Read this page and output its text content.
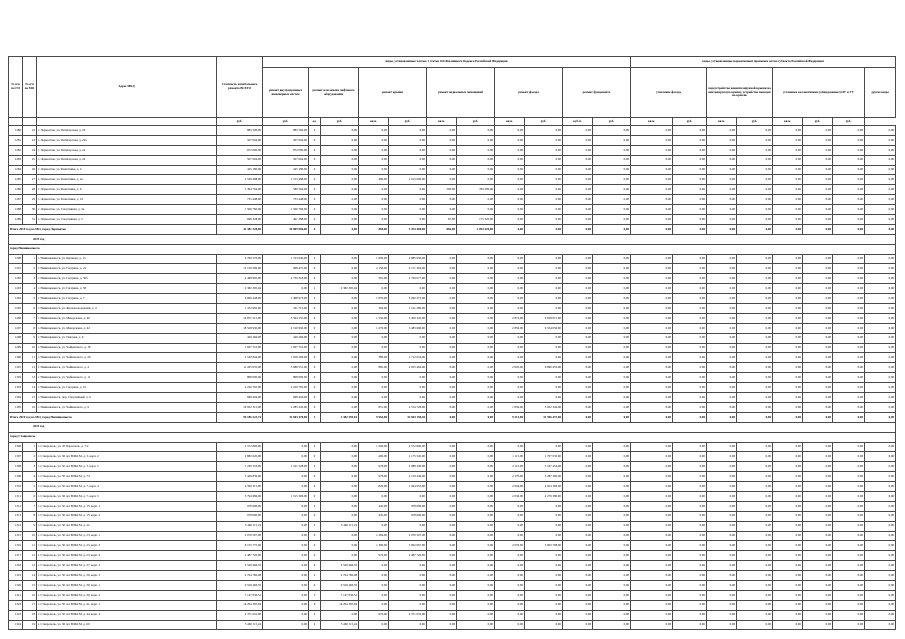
№ п/п по ГП	№ п/п по МО	Адрес МКД	Стоимость капитального ремонта ВСЕГО	виды, установленные частью 1 статьи 166 Жилищного Кодекса Российской Федерации											виды, установленные нормативным правовым актом субъекта Российской Федерации							
				ремонт внутридомовых инженерных систем	ремонт или замена лифтового оборудования		ремонт крыши		ремонт подвальных помещений		ремонт фасада		ремонт фундамента		утепление фасада		переустройство невентилируемой крыши на вентилируемую крышу, устройство выходов на кровлю		установка коллективных (общедомовых) ПУ и УУ			другие виды
			руб.	руб.	ед.	руб.	кв.м.	руб.	кв.м.	руб.	кв.м.	руб.	куб.м.	руб.	кв.м.	руб.	кв.м.	руб.	кв.м.	руб.	руб.	
1280	22	г. Лермонтов, ул. Пятигорская, д. 20	885 500,00	885 500,00	0	0,00	0,00	0,00	0,00	0,00	0,00	0,00	0,00	0,00	0,00	0,00	0,00	0,00	0,00	0,00	0,00	0,00
1281	23	г. Лермонтов, ул. Пятигорская, д. 20а	507 004,00	507 004,00	0	0,00	0,00	0,00	0,00	0,00	0,00	0,00	0,00	0,00	0,00	0,00	0,00	0,00	0,00	0,00	0,00	0,00
1282	24	г. Лермонтов, ул. Пятигорская, д. 22	872 000,00	872 000,00	0	0,00	0,00	0,00	0,00	0,00	0,00	0,00	0,00	0,00	0,00	0,00	0,00	0,00	0,00	0,00	0,00	0,00
1283	25	г. Лермонтов, ул. Пятигорская, д. 24	507 004,00	507 004,00	0	0,00	0,00	0,00	0,00	0,00	0,00	0,00	0,00	0,00	0,00	0,00	0,00	0,00	0,00	0,00	0,00	0,00
1284	26	г. Лермонтов, ул. Решетника, д. 4	425 180,00	425 180,00	0	0,00	0,00	0,00	0,00	0,00	0,00	0,00	0,00	0,00	0,00	0,00	0,00	0,00	0,00	0,00	0,00	0,00
1285	27	г. Лермонтов, ул. Решетника, д. 4а	2 528 488,00	1 513 488,00	0	0,00	400,00	1 015 000,00	0,00	0,00	0,00	0,00	0,00	0,00	0,00	0,00	0,00	0,00	0,00	0,00	0,00	0,00
1286	28	г. Лермонтов, ул. Решетника, д. 6	1 364 704,00	580 504,00	0	0,00	0,00	0,00	500,00	784 200,00	0,00	0,00	0,00	0,00	0,00	0,00	0,00	0,00	0,00	0,00	0,00	0,00
1287	29	г. Лермонтов, ул. Решетника, д. 10	733 448,00	733 448,00	0	0,00	0,00	0,00	0,00	0,00	0,00	0,00	0,00	0,00	0,00	0,00	0,00	0,00	0,00	0,00	0,00	0,00
1288	30	г. Лермонтов, ул. Спортивная, д. 3а	1 506 760,00	1 506 760,00	0	0,00	0,00	0,00	0,00	0,00	0,00	0,00	0,00	0,00	0,00	0,00	0,00	0,00	0,00	0,00	0,00	0,00
1289	31	г. Лермонтов, ул. Спортивная, д. 5	668 328,00	491 388,00	0	0,00	0,00	0,00	87,00	175 320,00	0,00	0,00	0,00	0,00	0,00	0,00	0,00	0,00	0,00	0,00	0,00	0,00
Итого 2019 год по МО, город Лермонтов			42 381 328,00	36 809 906,00	0	0,00	860,00	3 474 400,00	882,00	2 094 420,00	0,00	0,00	0,00	0,00	0,00	0,00	0,00	0,00	0,00	0,00	0,00	0,00
2019 год																						
город Невинномысск																						
1290	1	г. Невинномысск, ул. Бершова, д. 15	4 709 570,00	1 723 640,00	0	0,00	1 000,00	2 985 930,00	0,00	0,00	0,00	0,00	0,00	0,00	0,00	0,00	0,00	0,00	0,00	0,00	0,00	0,00
1291	2	г. Невинномысск, ул. Гагарина, д. 22	13 139 399,00	968 475,00	0	0,00	2 150,00	2 171 394,00	0,00	0,00	0,00	0,00	0,00	0,00	0,00	0,00	0,00	0,00	0,00	0,00	0,00	0,00
1292	3	г. Невинномысск, ул. Гагарина, д. 56б	4 468 995,00	2 739 318,00	0	0,00	581,00	1 729 677,00	0,00	0,00	0,00	0,00	0,00	0,00	0,00	0,00	0,00	0,00	0,00	0,00	0,00	0,00
1293	4	г. Невинномысск, ул. Гагарина, д. 58	2 382 395,04	0,00	1	2 382 395,04	0,00	0,00	0,00	0,00	0,00	0,00	0,00	0,00	0,00	0,00	0,00	0,00	0,00	0,00	0,00	0,00
1294	5	г. Невинномысск, ул. Гагарина, д. 7	6 699 248,00	1 498 973,00	0	0,00	1 870,00	5 200 275,00	0,00	0,00	0,00	0,00	0,00	0,00	0,00	0,00	0,00	0,00	0,00	0,00	0,00	0,00
1295	6	г. Невинномысск, ул. Железнодорожная, д. 4	1 472 995,00	331 715,00	0	0,00	392,00	1 141 280,00	0,00	0,00	0,00	0,00	0,00	0,00	0,00	0,00	0,00	0,00	0,00	0,00	0,00	0,00
1296	7	г. Невинномысск, ул. Менделеева, д. 40	16 871 515,00	3 594 155,00	0	0,00	1 250,00	3 459 345,00	0,00	0,00	2 872,00	9 818 015,00	0,00	0,00	0,00	0,00	0,00	0,00	0,00	0,00	0,00	0,00
1297	8	г. Невинномысск, ул. Менделеева, д. 42	18 528 930,00	4 510 950,00	0	0,00	1 270,00	3 483 690,00	0,00	0,00	2 850,00	9 534 050,00	0,00	0,00	0,00	0,00	0,00	0,00	0,00	0,00	0,00	0,00
1298	9	г. Невинномысск, ул. Павлова, д. 6	429 266,00	429 266,00	0	0,00	0,00	0,00	0,00	0,00	0,00	0,00	0,00	0,00	0,00	0,00	0,00	0,00	0,00	0,00	0,00	0,00
1299	10	г. Невинномысск, ул. Чайковского, д. 18	1 827 710,00	1 827 710,00	0	0,00	0,00	0,00	0,00	0,00	0,00	0,00	0,00	0,00	0,00	0,00	0,00	0,00	0,00	0,00	0,00	0,00
1300	11	г. Невинномысск, ул. Чайковского, д. 20	2 530 844,00	1 818 206,00	0	0,00	380,00	1 712 634,00	0,00	0,00	0,00	0,00	0,00	0,00	0,00	0,00	0,00	0,00	0,00	0,00	0,00	0,00
1301	12	г. Невинномысск, ул. Чайковского, д. 4	11 205 055,00	3 088 551,00	0	0,00	885,00	2 655 464,00	0,00	0,00	2 005,00	6 890 455,00	0,00	0,00	0,00	0,00	0,00	0,00	0,00	0,00	0,00	0,00
1302	13	г. Невинномысск, ул. Чайковского, д. 11	808 000,00	808 000,00	0	0,00	0,00	0,00	0,00	0,00	0,00	0,00	0,00	0,00	0,00	0,00	0,00	0,00	0,00	0,00	0,00	0,00
1303	14	г. Невинномысск, ул. Гагарина, д. 10	2 220 765,00	2 220 765,00	0	0,00	0,00	0,00	0,00	0,00	0,00	0,00	0,00	0,00	0,00	0,00	0,00	0,00	0,00	0,00	0,00	0,00
1304	15	г. Невинномысск, пер. Спортивный, д. 9	668 404,00	668 404,00	0	0,00	0,00	0,00	0,00	0,00	0,00	0,00	0,00	0,00	0,00	0,00	0,00	0,00	0,00	0,00	0,00	0,00
1305	16	г. Невинномысск, ул. Чайковского, д. 9	10 952 315,00	2 285 245,00	0	0,00	851,00	2 514 728,00	0,00	0,00	1 856,00	5 952 342,00	0,00	0,00	0,00	0,00	0,00	0,00	0,00	0,00	0,00	0,00
Итого 2019 год по МО, город Невинномысск			99 186 223,74	32 603 478,00	1	2 382 395,04	9 964,00	32 604 158,30	0,00	0,00	9 213,00	31 596 437,00	0,00	0,00	0,00	0,00	0,00	0,00	0,00	0,00	0,00	0,00
2019 год																						
город Ставрополь																						
1306	1	г. Ставрополь, ул. 45 Параллель, д. 7/2	2 572 800,00	0,00	0	0,00	1 200,00	2 572 800,00	0,00	0,00	0,00	0,00	0,00	0,00	0,00	0,00	0,00	0,00	0,00	0,00	0,00	0,00
1307	2	г. Ставрополь, ул. 50 лет ВЛКСМ, д. 3, корп. 2	2 882 620,00	0,00	0	0,00	400,00	1 175 545,00	0,00	0,00	1 115,00	1 707 035,00	0,00	0,00	0,00	0,00	0,00	0,00	0,00	0,00	0,00	0,00
1308	3	г. Ставрополь, ул. 50 лет ВЛКСМ, д. 3, корп. 5	7 236 552,00	1 101 528,00	0	0,00	976,00	2 088 340,00	0,00	0,00	2 115,00	3 197 454,00	0,00	0,00	0,00	0,00	0,00	0,00	0,00	0,00	0,00	0,00
1309	4	г. Ставрополь, ул. 50 лет ВЛКСМ, д. 7/1	5 426 836,00	0,00	0	0,00	976,00	2 139 446,00	0,00	0,00	2 170,00	3 287 390,00	0,00	0,00	0,00	0,00	0,00	0,00	0,00	0,00	0,00	0,00
1310	5	г. Ставрополь, ул. 50 лет ВЛКСМ, д. 7, корп. 4	4 599 315,00	0,00	0	0,00	826,00	1 944 955,00	0,00	0,00	2 004,00	2 654 360,00	0,00	0,00	0,00	0,00	0,00	0,00	0,00	0,00	0,00	0,00
1311	6	г. Ставрополь, ул. 50 лет ВЛКСМ, д. 7, корп. 5	5 794 686,00	1 515 306,00	0	0,00	0,00	0,00	0,00	0,00	2 030,00	4 279 380,00	0,00	0,00	0,00	0,00	0,00	0,00	0,00	0,00	0,00	0,00
1312	7	г. Ставрополь, ул. 50 лет ВЛКСМ, д. 15, корп. 1	978 600,00	0,00	0	0,00	445,00	978 600,00	0,00	0,00	0,00	0,00	0,00	0,00	0,00	0,00	0,00	0,00	0,00	0,00	0,00	0,00
1313	8	г. Ставрополь, ул. 50 лет ВЛКСМ, д. 15, корп. 2	978 600,00	0,00	0	0,00	445,00	978 600,00	0,00	0,00	0,00	0,00	0,00	0,00	0,00	0,00	0,00	0,00	0,00	0,00	0,00	0,00
1314	9	г. Ставрополь, ул. 50 лет ВЛКСМ, д. 22	5 460 115,24	0,00	2	5 460 115,24	0,00	0,00	0,00	0,00	0,00	0,00	0,00	0,00	0,00	0,00	0,00	0,00	0,00	0,00	0,00	0,00
1315	10	г. Ставрополь, ул. 50 лет ВЛКСМ, д. 23, корп. 1	2 070 507,00	0,00	0	0,00	1 284,00	2 070 507,00	0,00	0,00	0,00	0,00	0,00	0,00	0,00	0,00	0,00	0,00	0,00	0,00	0,00	0,00
1316	11	г. Ставрополь, ул. 50 лет ВЛКСМ, д. 23, корп. 3	8 155 775,00	0,00	0	0,00	1 390,00	3 092 067,00	0,00	0,00	2 070,00	5 063 708,00	0,00	0,00	0,00	0,00	0,00	0,00	0,00	0,00	0,00	0,00
1317	12	г. Ставрополь, ул. 50 лет ВЛКСМ, д. 23, корп. 6	2 487 720,00	0,00	0	0,00	976,00	2 487 720,00	0,00	0,00	0,00	0,00	0,00	0,00	0,00	0,00	0,00	0,00	0,00	0,00	0,00	0,00
1318	13	г. Ставрополь, ул. 50 лет ВЛКСМ, д. 37, корп. 2	9 528 466,35	0,00	4	9 528 466,35	0,00	0,00	0,00	0,00	0,00	0,00	0,00	0,00	0,00	0,00	0,00	0,00	0,00	0,00	0,00	0,00
1319	14	г. Ставрополь, ул. 50 лет ВЛКСМ, д. 39, корп. 3	4 764 760,08	0,00	2	4 764 760,08	0,00	0,00	0,00	0,00	0,00	0,00	0,00	0,00	0,00	0,00	0,00	0,00	0,00	0,00	0,00	0,00
1320	15	г. Ставрополь, ул. 50 лет ВЛКСМ, д. 39, корп. 1	9 529 466,35	0,00	4	9 529 466,35	0,00	0,00	0,00	0,00	0,00	0,00	0,00	0,00	0,00	0,00	0,00	0,00	0,00	0,00	0,00	0,00
1321	16	г. Ставрополь, ул. 50 лет ВЛКСМ, д. 39, корп. 2	7 147 036,52	0,00	3	7 147 036,52	0,00	0,00	0,00	0,00	0,00	0,00	0,00	0,00	0,00	0,00	0,00	0,00	0,00	0,00	0,00	0,00
1322	17	г. Ставрополь, ул. 50 лет ВЛКСМ, д. 41, корп. 1	14 294 395,04	0,00	6	14 294 395,04	0,00	0,00	0,00	0,00	0,00	0,00	0,00	0,00	0,00	0,00	0,00	0,00	0,00	0,00	0,00	0,00
1323	18	г. Ставрополь, ул. 50 лет ВЛКСМ, д. 44, корп. 2	2 371 632,00	0,00	0	0,00	976,00	2 371 632,00	0,00	0,00	0,00	0,00	0,00	0,00	0,00	0,00	0,00	0,00	0,00	0,00	0,00	0,00
1324	19	г. Ставрополь, ул. 50 лет ВЛКСМ, д. 60	5 460 115,24	0,00	2	5 460 115,24	0,00	0,00	0,00	0,00	0,00	0,00	0,00	0,00	0,00	0,00	0,00	0,00	0,00	0,00	0,00	0,00
